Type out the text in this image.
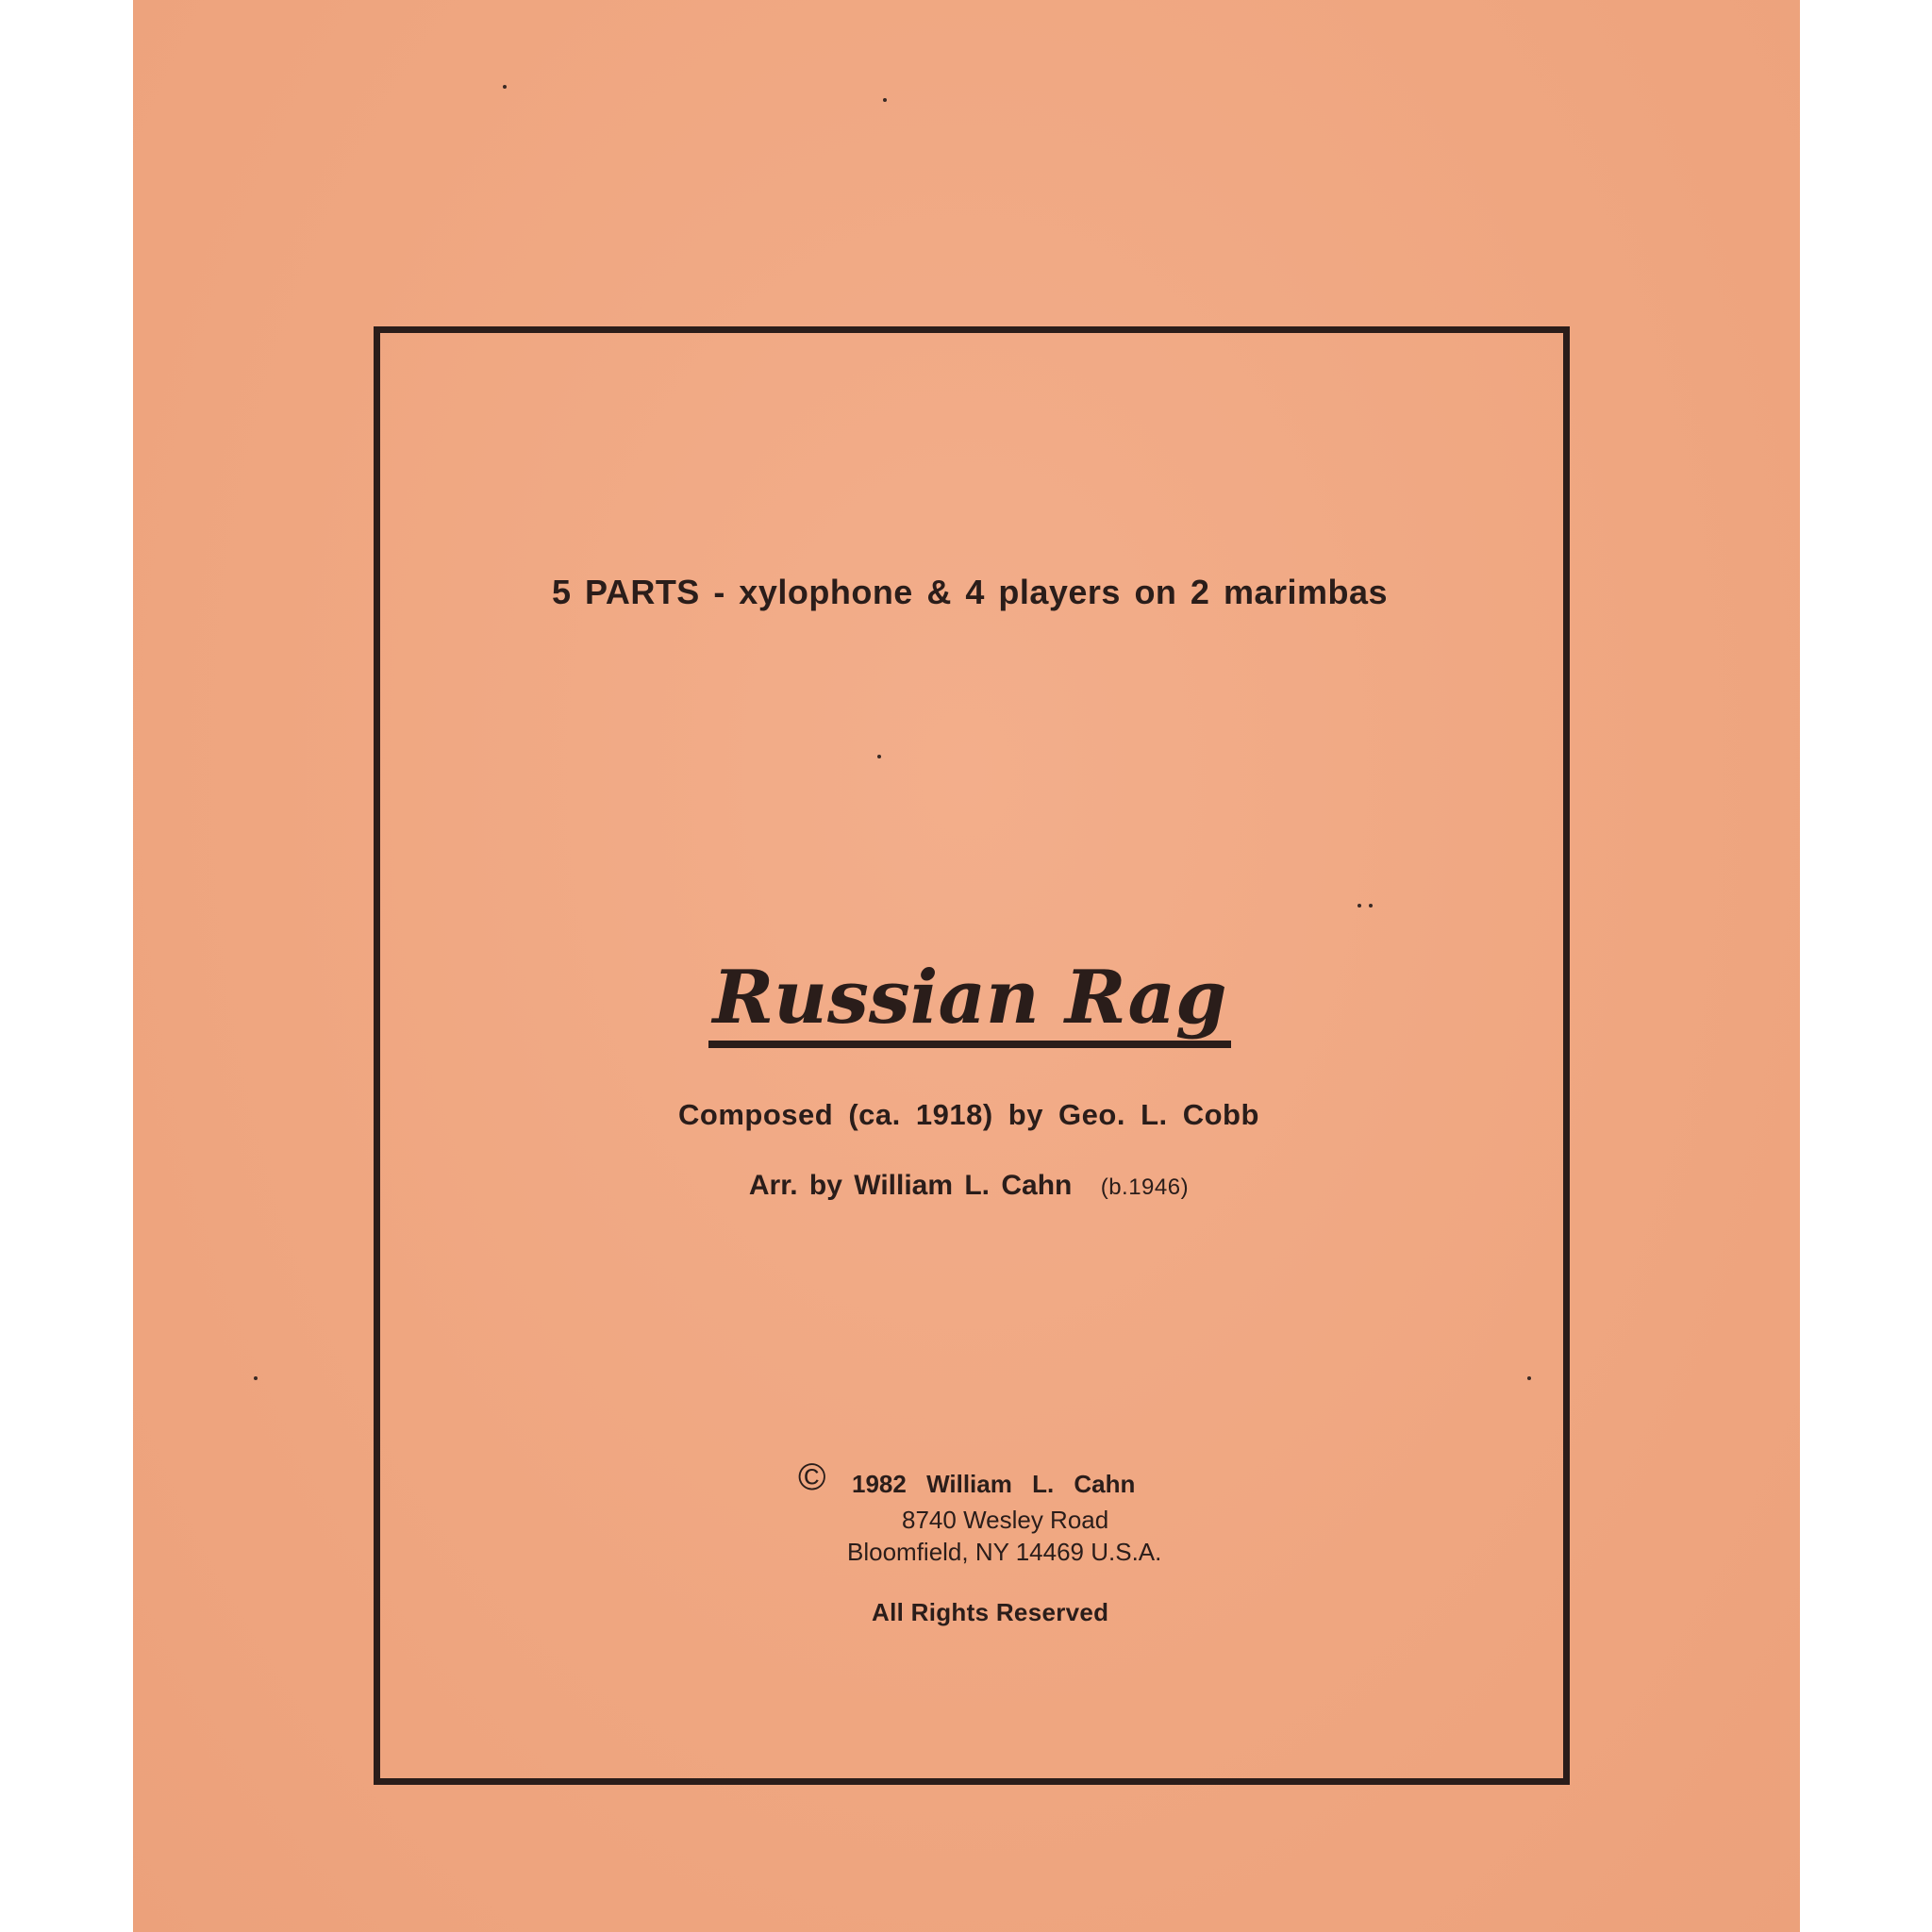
5 PARTS - xylophone & 4 players on 2 marimbas
Russian Rag
Composed (ca. 1918) by Geo. L. Cobb
Arr. by William L. Cahn (b.1946)
© 1982 William L. Cahn
8740 Wesley Road
Bloomfield, NY 14469 U.S.A.
All Rights Reserved
